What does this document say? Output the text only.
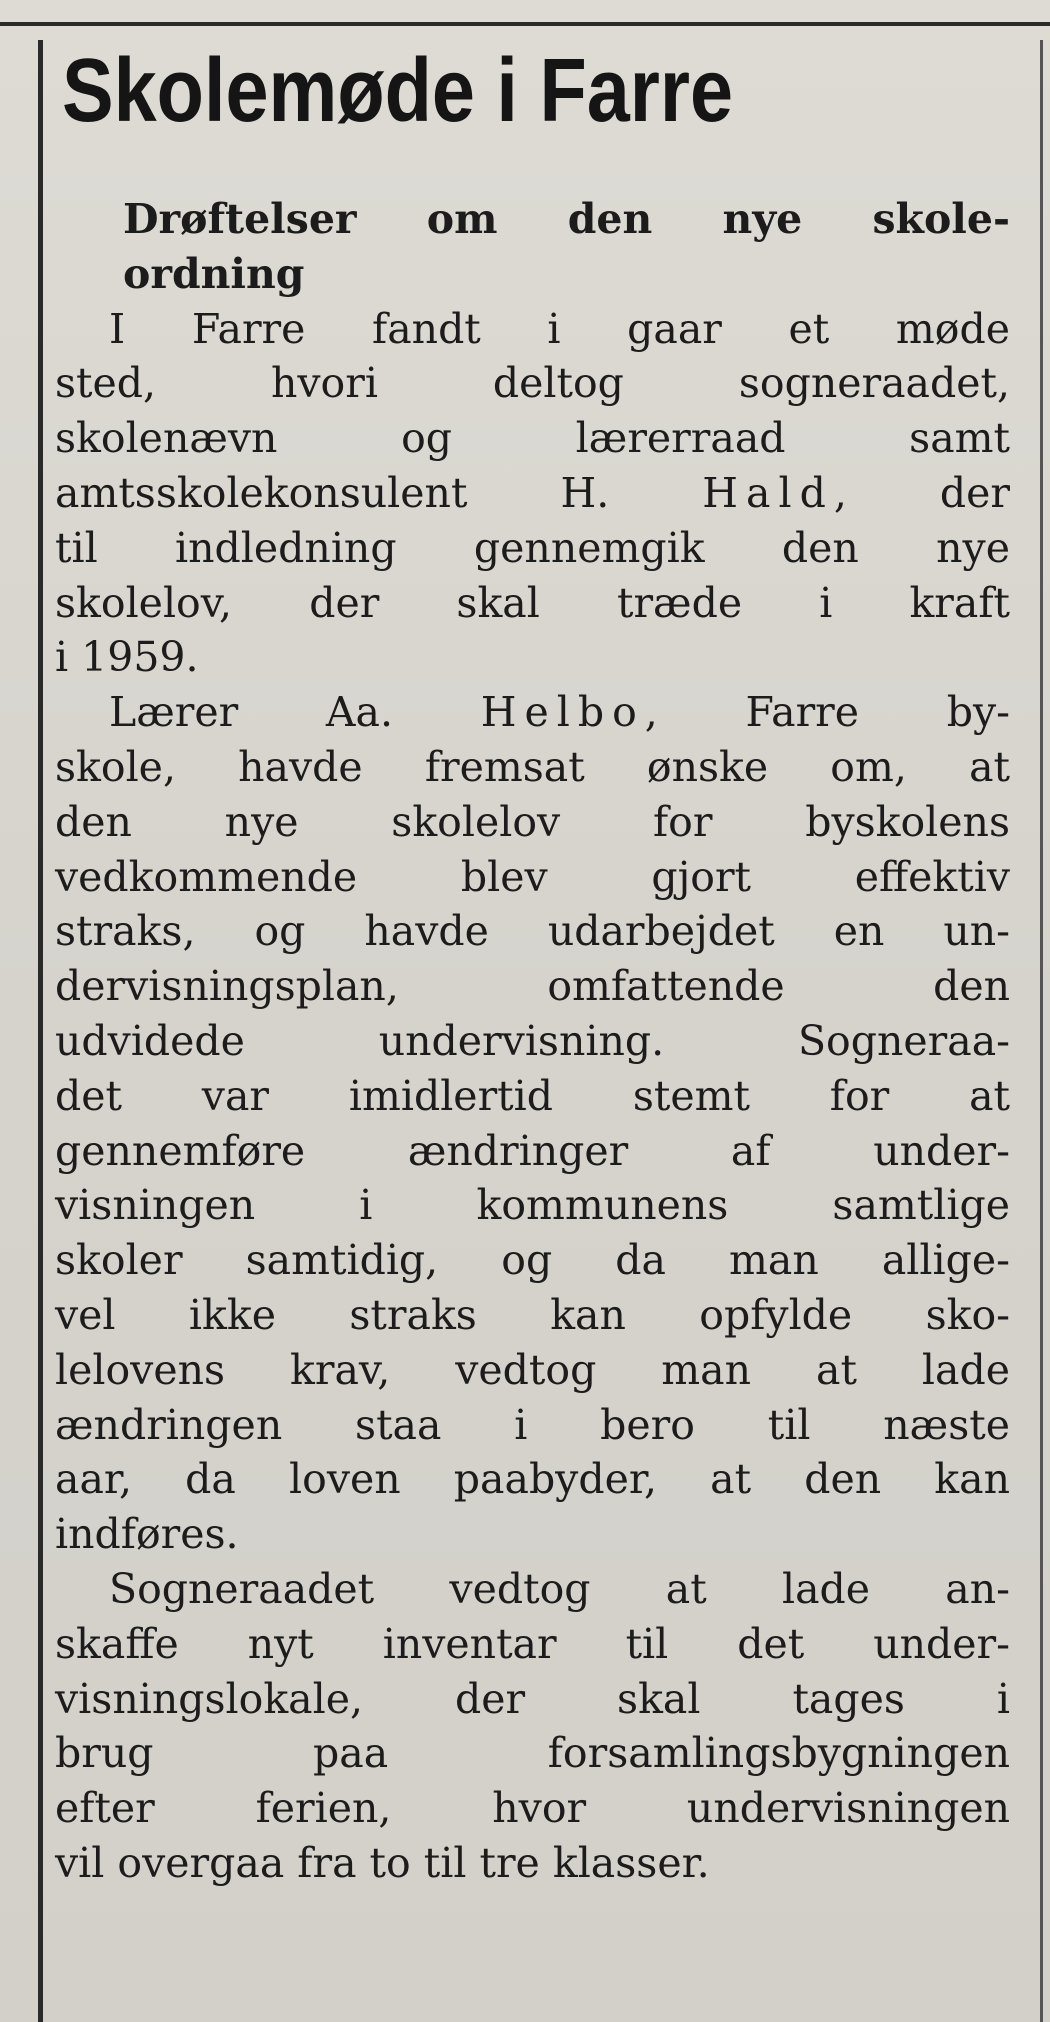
Skolemøde i Farre
Drøftelser om den nye skole-
ordning
I Farre fandt i gaar et møde
sted, hvori deltog sogneraadet,
skolenævn og lærerraad samt
amtsskolekonsulent H. Hald, der
til indledning gennemgik den nye
skolelov, der skal træde i kraft
i 1959.
Lærer Aa. Helbo, Farre by-
skole, havde fremsat ønske om, at
den nye skolelov for byskolens
vedkommende blev gjort effektiv
straks, og havde udarbejdet en un-
dervisningsplan, omfattende den
udvidede undervisning. Sogneraa-
det var imidlertid stemt for at
gennemføre ændringer af under-
visningen i kommunens samtlige
skoler samtidig, og da man allige-
vel ikke straks kan opfylde sko-
lelovens krav, vedtog man at lade
ændringen staa i bero til næste
aar, da loven paabyder, at den kan
indføres.
Sogneraadet vedtog at lade an-
skaffe nyt inventar til det under-
visningslokale, der skal tages i
brug paa forsamlingsbygningen
efter ferien, hvor undervisningen
vil overgaa fra to til tre klasser.
